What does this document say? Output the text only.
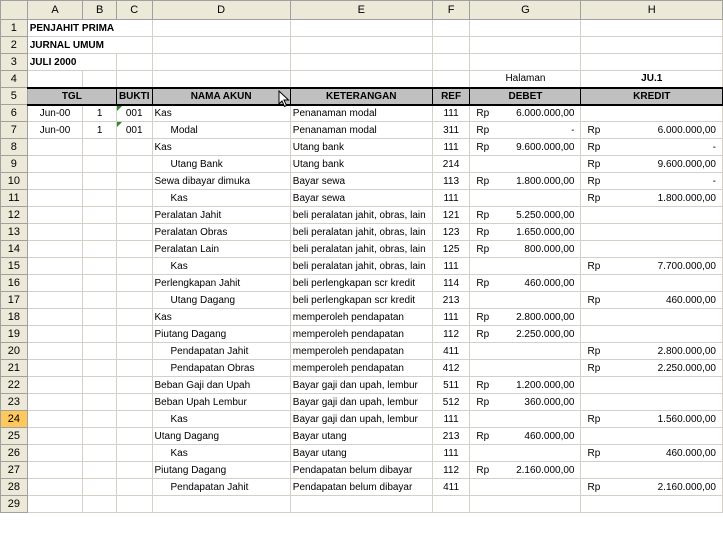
	A	B	C	D	E	F	G	H
1	PENJAHIT PRIMA							
2	JURNAL UMUM							
3	JULI 2000							
4							Halaman	JU.1
5	TGL		BUKTI	NAMA AKUN	KETERANGAN	REF	DEBET	KREDIT
6	Jun-00	1	001	Kas	Penanaman modal	111	Rp 6.000.000,00	

7	Jun-00	1	001	Modal	Penanaman modal	311	Rp -	Rp 6.000.000,00

8				Kas	Utang bank	111	Rp 9.600.000,00	Rp -

9				Utang Bank	Utang bank	214		Rp 9.600.000,00

10				Sewa dibayar dimuka	Bayar sewa	113	Rp 1.800.000,00	Rp -

11				Kas	Bayar sewa	111		Rp 1.800.000,00

12				Peralatan Jahit	beli peralatan jahit, obras, lain	121	Rp 5.250.000,00	

13				Peralatan Obras	beli peralatan jahit, obras, lain	123	Rp 1.650.000,00	

14				Peralatan Lain	beli peralatan jahit, obras, lain	125	Rp 800.000,00	

15				Kas	beli peralatan jahit, obras, lain	111		Rp 7.700.000,00

16				Perlengkapan Jahit	beli perlengkapan scr kredit	114	Rp 460.000,00	

17				Utang Dagang	beli perlengkapan scr kredit	213		Rp 460.000,00

18				Kas	memperoleh pendapatan	111	Rp 2.800.000,00	

19				Piutang Dagang	memperoleh pendapatan	112	Rp 2.250.000,00	

20				Pendapatan Jahit	memperoleh pendapatan	411		Rp 2.800.000,00

21				Pendapatan Obras	memperoleh pendapatan	412		Rp 2.250.000,00

22				Beban Gaji dan Upah	Bayar gaji dan upah, lembur	511	Rp 1.200.000,00	

23				Beban Upah Lembur	Bayar gaji dan upah, lembur	512	Rp 360.000,00	

24				Kas	Bayar gaji dan upah, lembur	111		Rp 1.560.000,00

25				Utang Dagang	Bayar utang	213	Rp 460.000,00	

26				Kas	Bayar utang	111		Rp 460.000,00

27				Piutang Dagang	Pendapatan belum dibayar	112	Rp 2.160.000,00	

28				Pendapatan Jahit	Pendapatan belum dibayar	411		Rp 2.160.000,00

29								
